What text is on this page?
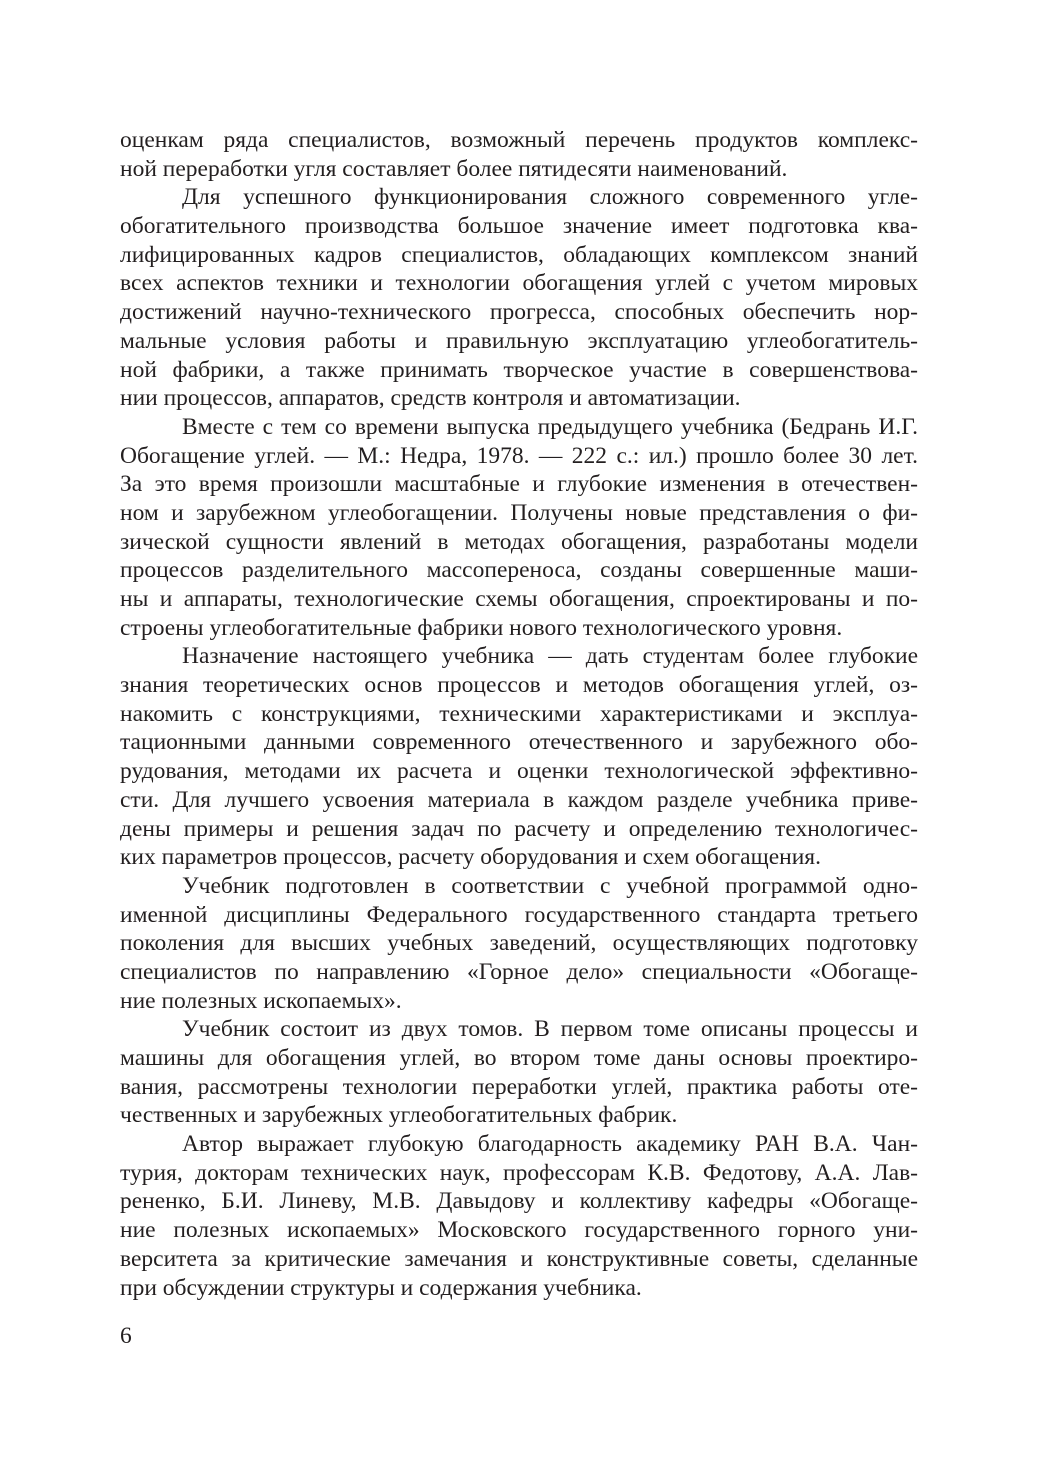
оценкам ряда специалистов, возможный перечень продуктов комплекс-
ной переработки угля составляет более пятидесяти наименований.
Для успешного функционирования сложного современного угле-
обогатительного производства большое значение имеет подготовка ква-
лифицированных кадров специалистов, обладающих комплексом знаний
всех аспектов техники и технологии обогащения углей с учетом мировых
достижений научно-технического прогресса, способных обеспечить нор-
мальные условия работы и правильную эксплуатацию углеобогатитель-
ной фабрики, а также принимать творческое участие в совершенствова-
нии процессов, аппаратов, средств контроля и автоматизации.
Вместе с тем со времени выпуска предыдущего учебника (Бедрань И.Г.
Обогащение углей. — М.: Недра, 1978. — 222 с.: ил.) прошло более 30 лет.
За это время произошли масштабные и глубокие изменения в отечествен-
ном и зарубежном углеобогащении. Получены новые представления о фи-
зической сущности явлений в методах обогащения, разработаны модели
процессов разделительного массопереноса, созданы совершенные маши-
ны и аппараты, технологические схемы обогащения, спроектированы и по-
строены углеобогатительные фабрики нового технологического уровня.
Назначение настоящего учебника — дать студентам более глубокие
знания теоретических основ процессов и методов обогащения углей, оз-
накомить с конструкциями, техническими характеристиками и эксплуа-
тационными данными современного отечественного и зарубежного обо-
рудования, методами их расчета и оценки технологической эффективно-
сти. Для лучшего усвоения материала в каждом разделе учебника приве-
дены примеры и решения задач по расчету и определению технологичес-
ких параметров процессов, расчету оборудования и схем обогащения.
Учебник подготовлен в соответствии с учебной программой одно-
именной дисциплины Федерального государственного стандарта третьего
поколения для высших учебных заведений, осуществляющих подготовку
специалистов по направлению «Горное дело» специальности «Обогаще-
ние полезных ископаемых».
Учебник состоит из двух томов. В первом томе описаны процессы и
машины для обогащения углей, во втором томе даны основы проектиро-
вания, рассмотрены технологии переработки углей, практика работы оте-
чественных и зарубежных углеобогатительных фабрик.
Автор выражает глубокую благодарность академику РАН В.А. Чан-
турия, докторам технических наук, профессорам К.В. Федотову, А.А. Лав-
рененко, Б.И. Линеву, М.В. Давыдову и коллективу кафедры «Обогаще-
ние полезных ископаемых» Московского государственного горного уни-
верситета за критические замечания и конструктивные советы, сделанные
при обсуждении структуры и содержания учебника.
6
